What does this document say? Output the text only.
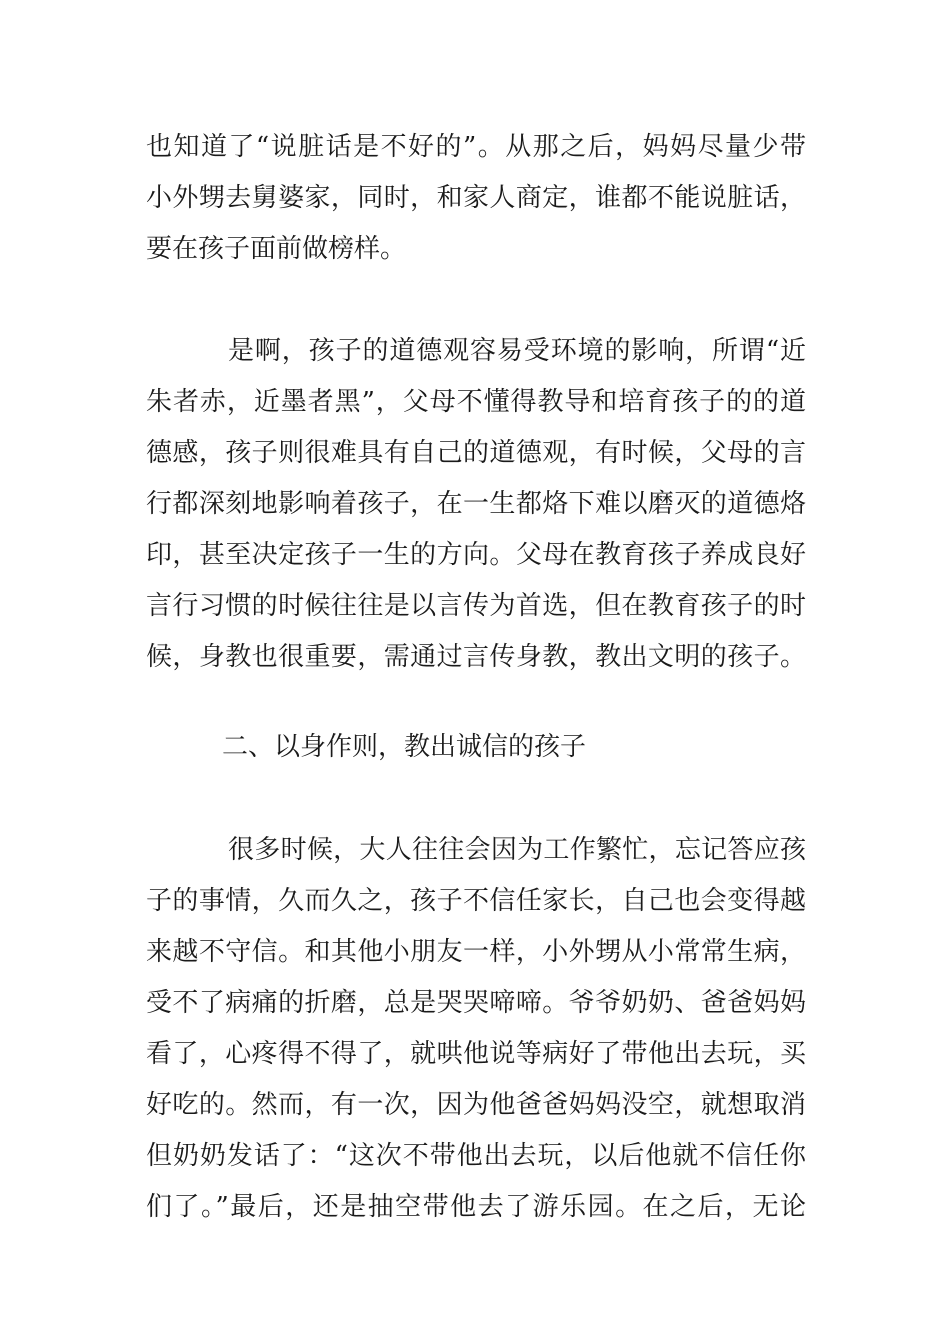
也知道了“说脏话是不好的”。从那之后，妈妈尽量少带
小外甥去舅婆家，同时，和家人商定，谁都不能说脏话，
要在孩子面前做榜样。
是啊，孩子的道德观容易受环境的影响，所谓“近
朱者赤，近墨者黑”，父母不懂得教导和培育孩子的的道
德感，孩子则很难具有自己的道德观，有时候，父母的言
行都深刻地影响着孩子，在一生都烙下难以磨灭的道德烙
印，甚至决定孩子一生的方向。父母在教育孩子养成良好
言行习惯的时候往往是以言传为首选，但在教育孩子的时
候，身教也很重要，需通过言传身教，教出文明的孩子。
二、以身作则，教出诚信的孩子
很多时候，大人往往会因为工作繁忙，忘记答应孩
子的事情，久而久之，孩子不信任家长，自己也会变得越
来越不守信。和其他小朋友一样，小外甥从小常常生病，
受不了病痛的折磨，总是哭哭啼啼。爷爷奶奶、爸爸妈妈
看了，心疼得不得了，就哄他说等病好了带他出去玩，买
好吃的。然而，有一次，因为他爸爸妈妈没空，就想取消
但奶奶发话了：“这次不带他出去玩，以后他就不信任你
们了。”最后，还是抽空带他去了游乐园。在之后，无论
